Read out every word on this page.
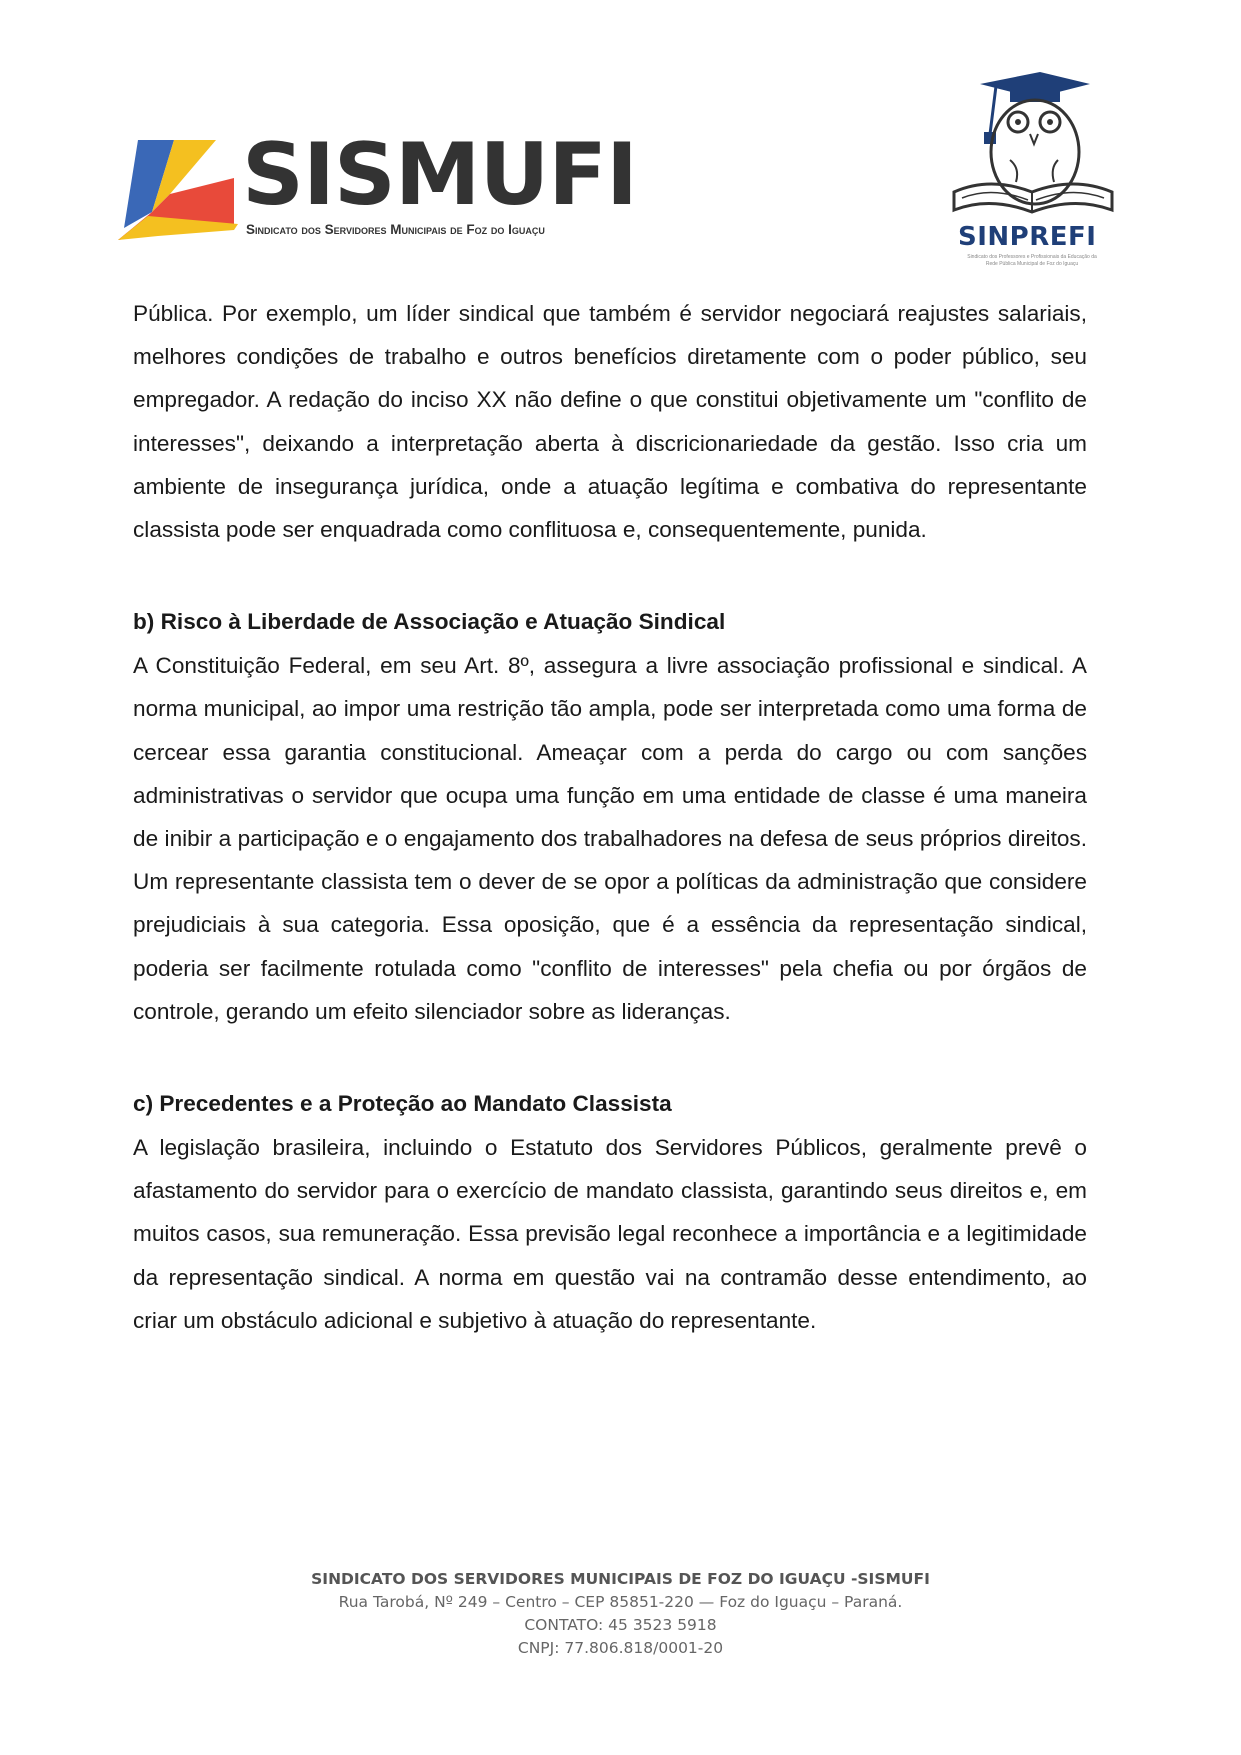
SISMUFI
Sindicato dos Servidores Municipais de Foz do Iguaçu	SINPREFI
Sindicato dos Professores e Profissionais da Educação da Rede Pública Municipal de Foz do Iguaçu

Pública. Por exemplo, um líder sindical que também é servidor negociará reajustes salariais, melhores condições de trabalho e outros benefícios diretamente com o poder público, seu empregador. A redação do inciso XX não define o que constitui objetivamente um "conflito de interesses", deixando a interpretação aberta à discricionariedade da gestão. Isso cria um ambiente de insegurança jurídica, onde a atuação legítima e combativa do representante classista pode ser enquadrada como conflituosa e, consequentemente, punida.

b) Risco à Liberdade de Associação e Atuação Sindical

A Constituição Federal, em seu Art. 8º, assegura a livre associação profissional e sindical. A norma municipal, ao impor uma restrição tão ampla, pode ser interpretada como uma forma de cercear essa garantia constitucional. Ameaçar com a perda do cargo ou com sanções administrativas o servidor que ocupa uma função em uma entidade de classe é uma maneira de inibir a participação e o engajamento dos trabalhadores na defesa de seus próprios direitos. Um representante classista tem o dever de se opor a políticas da administração que considere prejudiciais à sua categoria. Essa oposição, que é a essência da representação sindical, poderia ser facilmente rotulada como "conflito de interesses" pela chefia ou por órgãos de controle, gerando um efeito silenciador sobre as lideranças.

c) Precedentes e a Proteção ao Mandato Classista

A legislação brasileira, incluindo o Estatuto dos Servidores Públicos, geralmente prevê o afastamento do servidor para o exercício de mandato classista, garantindo seus direitos e, em muitos casos, sua remuneração. Essa previsão legal reconhece a importância e a legitimidade da representação sindical. A norma em questão vai na contramão desse entendimento, ao criar um obstáculo adicional e subjetivo à atuação do representante.

SINDICATO DOS SERVIDORES MUNICIPAIS DE FOZ DO IGUAÇU -SISMUFI
Rua Tarobá, Nº 249 – Centro – CEP 85851-220 — Foz do Iguaçu – Paraná.
CONTATO: 45 3523 5918
CNPJ: 77.806.818/0001-20
